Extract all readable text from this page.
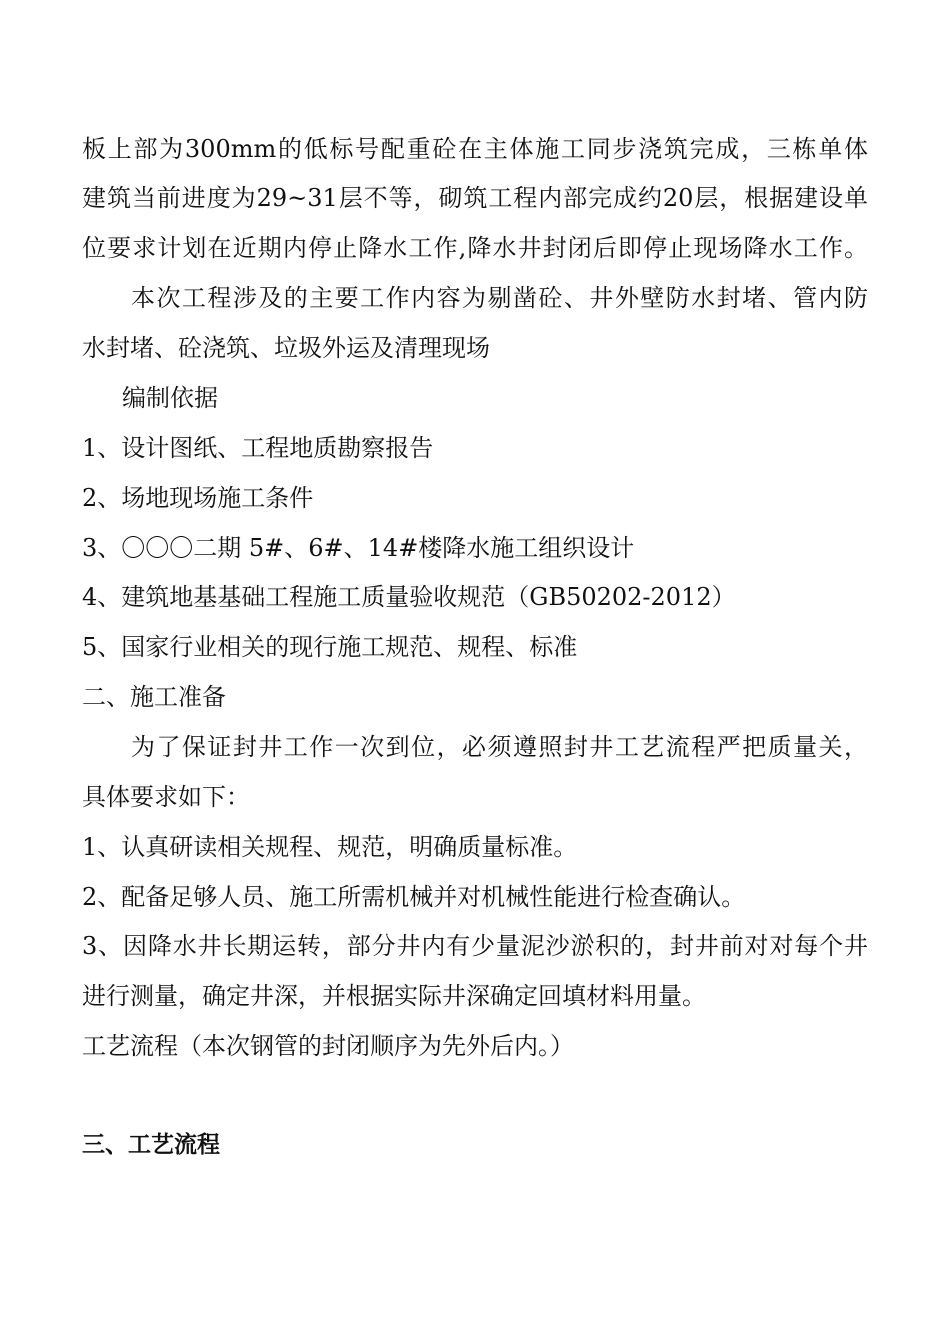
板上部为300mm的低标号配重砼在主体施工同步浇筑完成，三栋单体
建筑当前进度为29~31层不等，砌筑工程内部完成约20层，根据建设单
位要求计划在近期内停止降水工作,降水井封闭后即停止现场降水工作。
本次工程涉及的主要工作内容为剔凿砼、井外壁防水封堵、管内防
水封堵、砼浇筑、垃圾外运及清理现场
编制依据
1、设计图纸、工程地质勘察报告
2、场地现场施工条件
3、〇〇〇二期 5#、6#、14#楼降水施工组织设计
4、建筑地基基础工程施工质量验收规范（GB50202-2012）
5、国家行业相关的现行施工规范、规程、标准
二、施工准备
为了保证封井工作一次到位，必须遵照封井工艺流程严把质量关，
具体要求如下：
1、认真研读相关规程、规范，明确质量标准。
2、配备足够人员、施工所需机械并对机械性能进行检查确认。
3、因降水井长期运转，部分井内有少量泥沙淤积的，封井前对对每个井
进行测量，确定井深，并根据实际井深确定回填材料用量。
工艺流程（本次钢管的封闭顺序为先外后内。）
三、工艺流程
